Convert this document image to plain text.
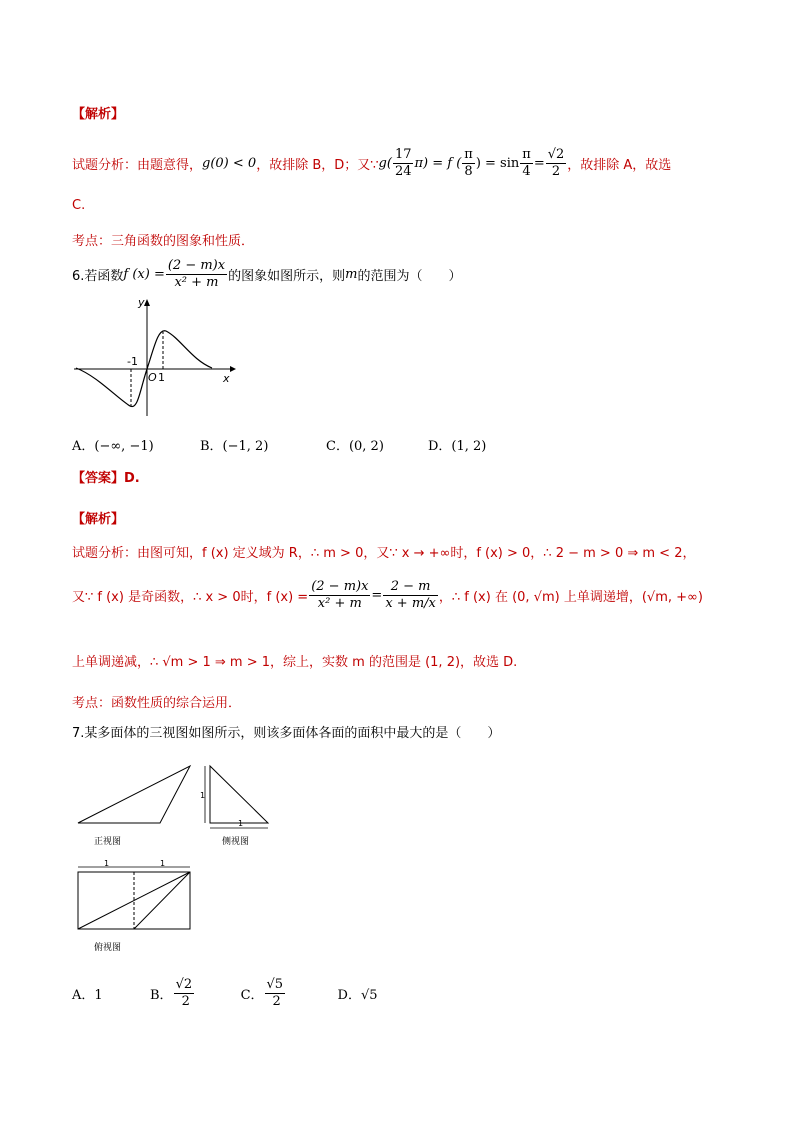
【解析】
试题分析：由题意得， g(0) < 0 ，故排除 B，D；又∵ $g( \frac{17}{24} \pi) = f$ ( $\frac{\pi}{8}$ ) = $\sin \frac{\pi}{4} = \frac{√2}{2}$ ，故排除 A，故选
C.
考点：三角函数的图象和性质．
6.若函数 f $(x) = \frac{(2 - m)x}{\text{x² + m}}$ 的图象如图所示，则 m 的范围为（　　）
y
x
-1
O 1
A．(−∞, −1)	B．(−1, 2)	C．(0, 2)	D．(1, 2)
【答案】D.
【解析】
试题分析：由图可知，f (x) 定义域为 R，∴ m > 0，又∵ x → +∞时，f (x) > 0，∴ 2 − m > 0 ⇒ m < 2，
又∵ f (x) 是奇函数，∴ x > 0时，f $(x) = \frac{(2 - m)x}{\text{x² + m}} = \frac{2 - m}{x + m/x}$ ，∴ f (x) 在 (0, √m) 上单调递增，(√m, +∞)
上单调递减，∴ √m > 1 ⇒ m > 1，综上，实数 m 的范围是 (1, 2)，故选 D.
考点：函数性质的综合运用．
7.某多面体的三视图如图所示，则该多面体各面的面积中最大的是（　　）
正视图
1
1
侧视图
1	1
俯视图
A．1	B． $\frac{√2}{2}$ C． $\frac{√5}{2}$ D．√5
